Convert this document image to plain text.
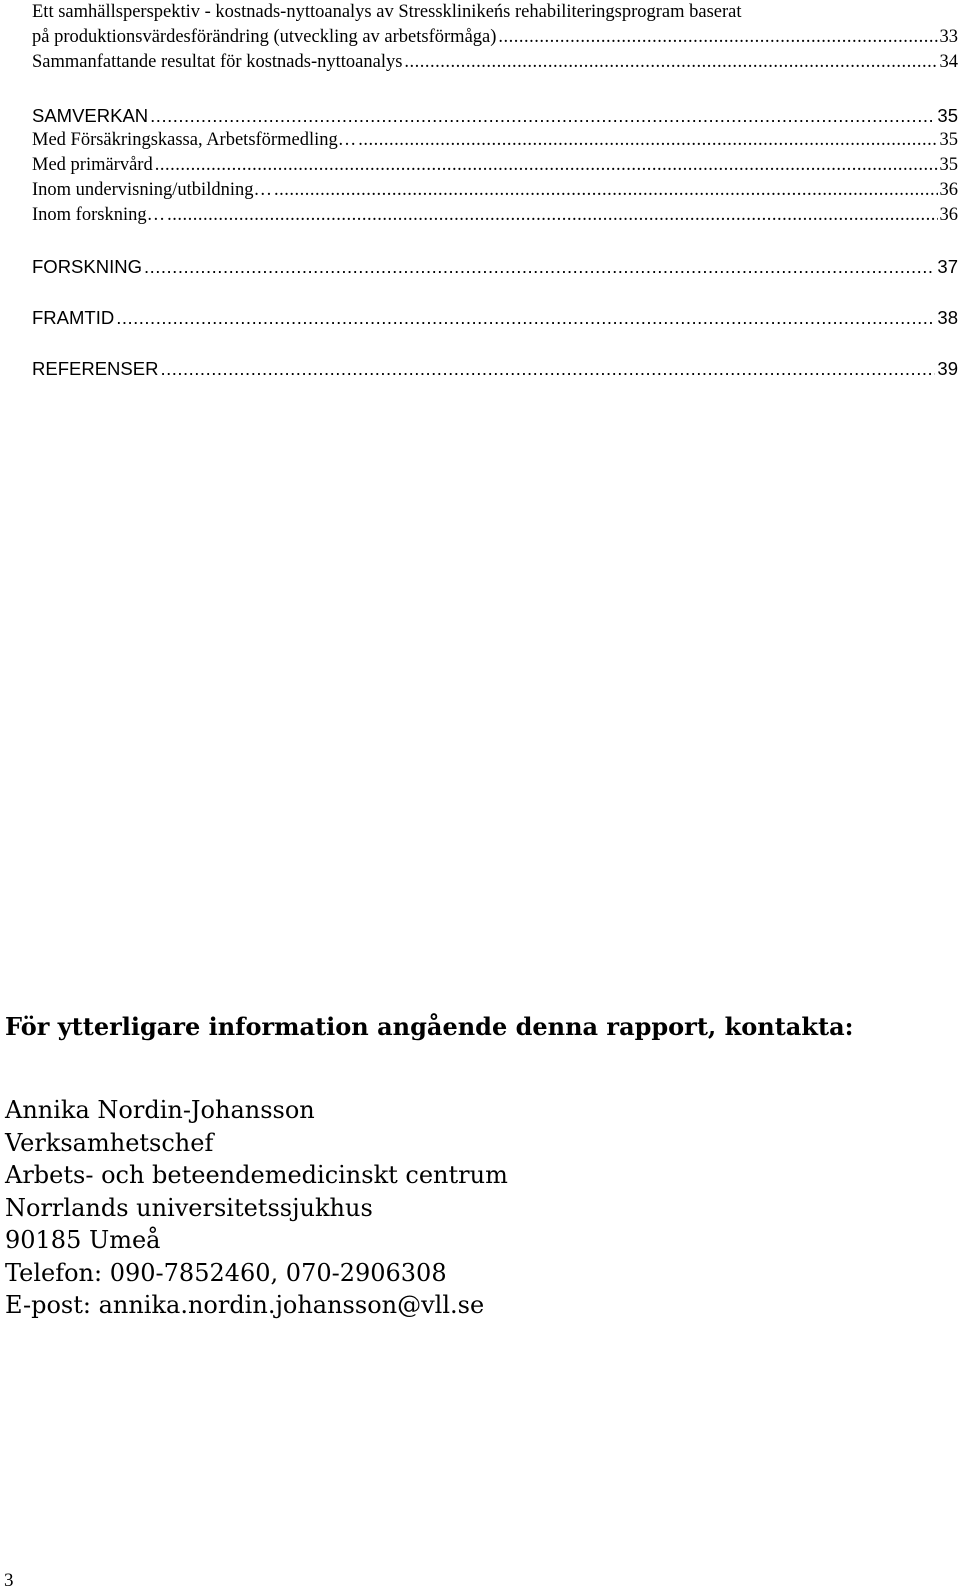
Ett samhällsperspektiv - kostnads-nyttoanalys av Stressklinikeńs rehabiliteringsprogram baserat
på produktionsvärdesförändring (utveckling av arbetsförmåga) .....	33
Sammanfattande resultat för kostnads-nyttoanalys .....	34
SAMVERKAN .....	35
Med Försäkringskassa, Arbetsförmedling… .....	35
Med primärvård .....	35
Inom undervisning/utbildning… .....	36
Inom forskning… .....	36
FORSKNING .....	37
FRAMTID .....	38
REFERENSER .....	39
För ytterligare information angående denna rapport, kontakta:
Annika Nordin-Johansson
Verksamhetschef
Arbets- och beteendemedicinskt centrum
Norrlands universitetssjukhus
90185 Umeå
Telefon: 090-7852460, 070-2906308
E-post: annika.nordin.johansson@vll.se
3
